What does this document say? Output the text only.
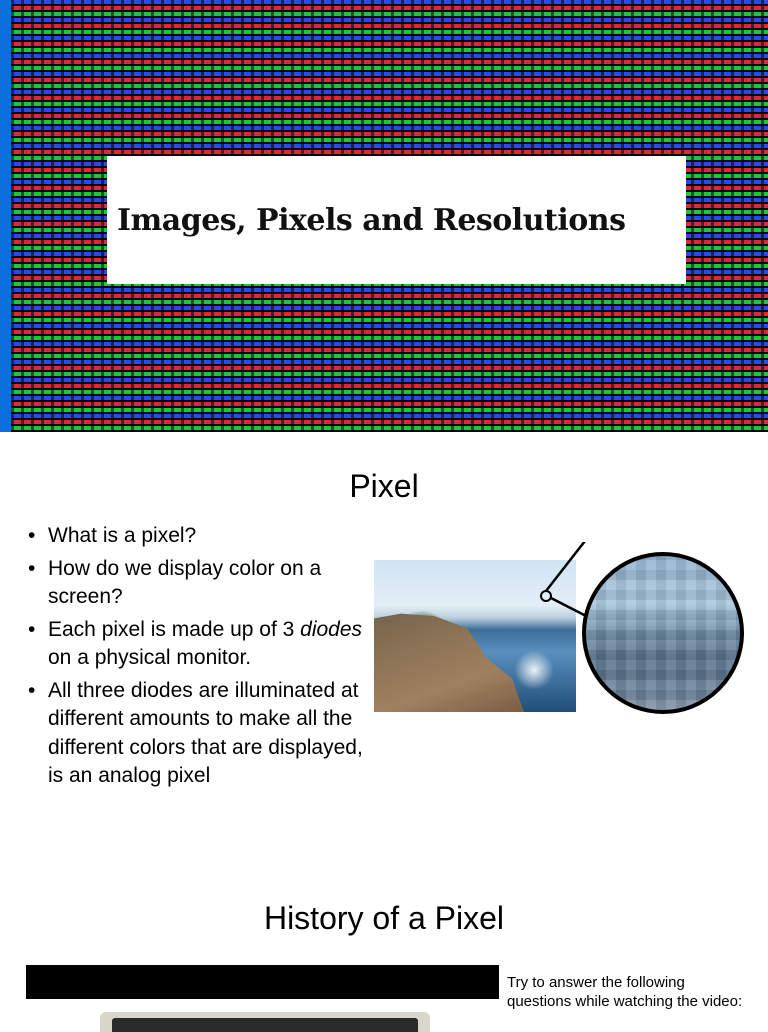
Images, Pixels and Resolutions
Pixel
• What is a pixel?
• How do we display color on a screen?
• Each pixel is made up of 3 diodes on a physical monitor.
• All three diodes are illuminated at different amounts to make all the different colors that are displayed, is an analog pixel
History of a Pixel
Try to answer the following questions while watching the video:
